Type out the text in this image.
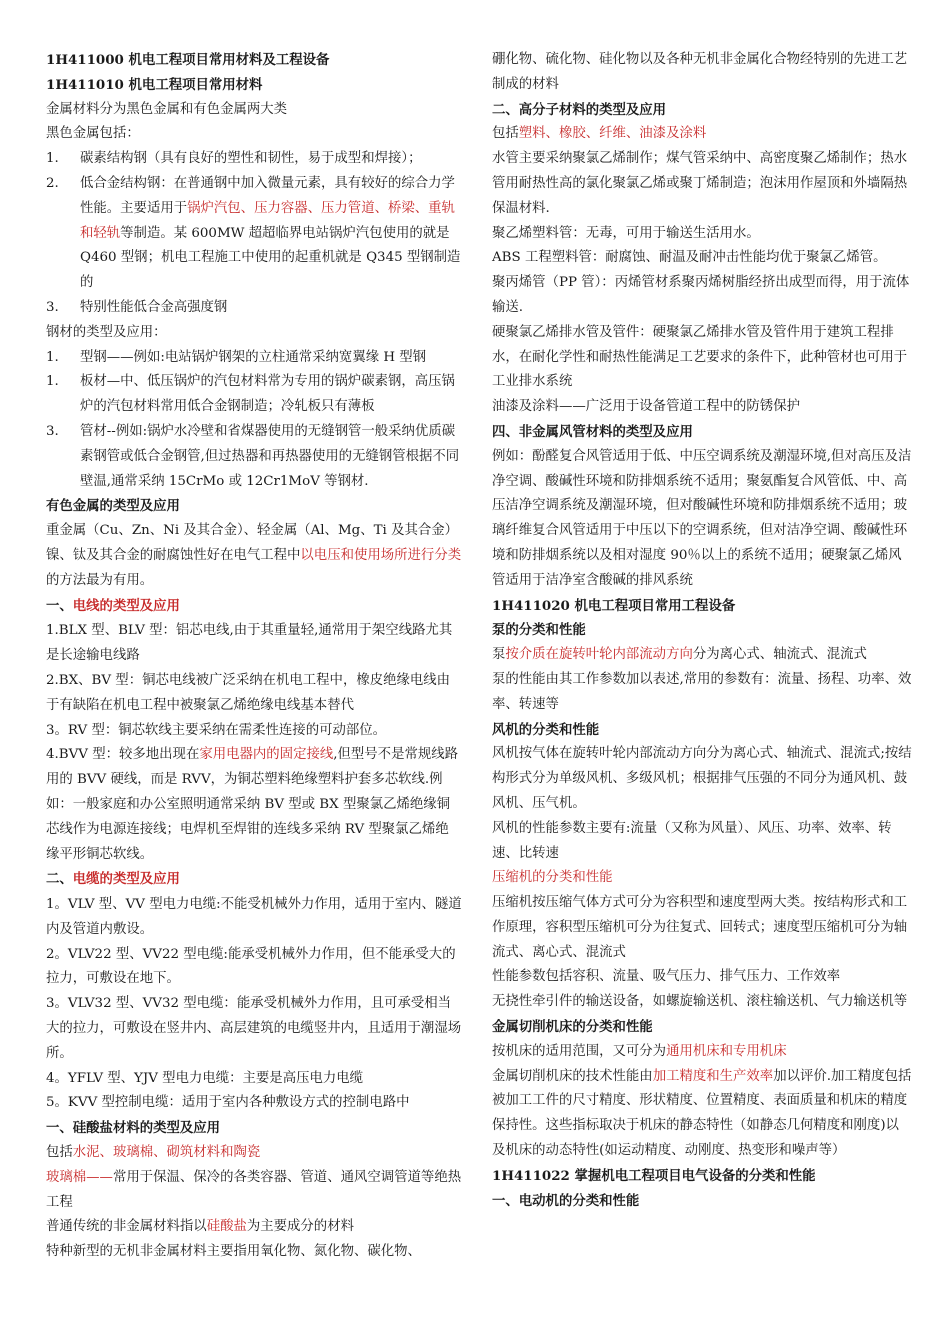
1H411000 机电工程项目常用材料及工程设备
1H411010 机电工程项目常用材料
金属材料分为黑色金属和有色金属两大类
黑色金属包括：
1.	碳素结构钢（具有良好的塑性和韧性，易于成型和焊接）；
2.	低合金结构钢：在普通钢中加入微量元素，具有较好的综合力学性能。主要适用于锅炉汽包、压力容器、压力管道、桥梁、重轨和轻轨等制造。某 600MW 超超临界电站锅炉汽包使用的就是 Q460 型钢；机电工程施工中使用的起重机就是 Q345 型钢制造的
3.	特别性能低合金高强度钢
钢材的类型及应用：
1.	型钢——例如:电站锅炉钢架的立柱通常采纳宽翼缘 H 型钢
1.	板材—中、低压锅炉的汽包材料常为专用的锅炉碳素钢，高压锅炉的汽包材料常用低合金钢制造；冷轧板只有薄板
3.	管材--例如:锅炉水冷壁和省煤器使用的无缝钢管一般采纳优质碳素钢管或低合金钢管,但过热器和再热器使用的无缝钢管根据不同壁温,通常采纳 15CrMo 或 12Cr1MoV 等钢材.
有色金属的类型及应用
重金属（Cu、Zn、Ni 及其合金）、轻金属（Al、Mg、Ti 及其合金）镍、钛及其合金的耐腐蚀性好在电气工程中以电压和使用场所进行分类的方法最为有用。
一、电线的类型及应用
1.BLX 型、BLV 型：铝芯电线,由于其重量轻,通常用于架空线路尤其是长途输电线路
2.BX、BV 型：铜芯电线被广泛采纳在机电工程中，橡皮绝缘电线由于有缺陷在机电工程中被聚氯乙烯绝缘电线基本替代
3。RV 型：铜芯软线主要采纳在需柔性连接的可动部位。
4.BVV 型：较多地出现在家用电器内的固定接线,但型号不是常规线路用的 BVV 硬线，而是 RVV，为铜芯塑料绝缘塑料护套多芯软线.例如：一般家庭和办公室照明通常采纳 BV 型或 BX 型聚氯乙烯绝缘铜芯线作为电源连接线；电焊机至焊钳的连线多采纳 RV 型聚氯乙烯绝缘平形铜芯软线。
二、电缆的类型及应用
1。VLV 型、VV 型电力电缆:不能受机械外力作用，适用于室内、隧道内及管道内敷设。
2。VLV22 型、VV22 型电缆:能承受机械外力作用，但不能承受大的拉力，可敷设在地下。
3。VLV32 型、VV32 型电缆：能承受机械外力作用，且可承受相当大的拉力，可敷设在竖井内、高层建筑的电缆竖井内，且适用于潮湿场所。
4。YFLV 型、YJV 型电力电缆：主要是高压电力电缆
5。KVV 型控制电缆：适用于室内各种敷设方式的控制电路中
一、硅酸盐材料的类型及应用
包括水泥、玻璃棉、砌筑材料和陶瓷
玻璃棉——常用于保温、保冷的各类容器、管道、通风空调管道等绝热工程
普通传统的非金属材料指以硅酸盐为主要成分的材料
特种新型的无机非金属材料主要指用氧化物、氮化物、碳化物、
硼化物、硫化物、硅化物以及各种无机非金属化合物经特别的先进工艺制成的材料
二、高分子材料的类型及应用
包括塑料、橡胶、纤维、油漆及涂料
水管主要采纳聚氯乙烯制作；煤气管采纳中、高密度聚乙烯制作；热水管用耐热性高的氯化聚氯乙烯或聚丁烯制造；泡沫用作屋顶和外墙隔热保温材料.
聚乙烯塑料管：无毒，可用于输送生活用水。
ABS 工程塑料管：耐腐蚀、耐温及耐冲击性能均优于聚氯乙烯管。
聚丙烯管（PP 管）：丙烯管材系聚丙烯树脂经挤出成型而得，用于流体输送.
硬聚氯乙烯排水管及管件：硬聚氯乙烯排水管及管件用于建筑工程排水，在耐化学性和耐热性能满足工艺要求的条件下，此种管材也可用于工业排水系统
油漆及涂料——广泛用于设备管道工程中的防锈保护
四、非金属风管材料的类型及应用
例如：酚醛复合风管适用于低、中压空调系统及潮湿环境,但对高压及洁净空调、酸碱性环境和防排烟系统不适用；聚氨酯复合风管低、中、高压洁净空调系统及潮湿环境，但对酸碱性环境和防排烟系统不适用；玻璃纤维复合风管适用于中压以下的空调系统，但对洁净空调、酸碱性环境和防排烟系统以及相对湿度 90％以上的系统不适用；硬聚氯乙烯风管适用于洁净室含酸碱的排风系统
1H411020 机电工程项目常用工程设备
泵的分类和性能
泵按介质在旋转叶轮内部流动方向分为离心式、轴流式、混流式
泵的性能由其工作参数加以表述,常用的参数有：流量、扬程、功率、效率、转速等
风机的分类和性能
风机按气体在旋转叶轮内部流动方向分为离心式、轴流式、混流式;按结构形式分为单级风机、多级风机；根据排气压强的不同分为通风机、鼓风机、压气机。
风机的性能参数主要有:流量（又称为风量）、风压、功率、效率、转速、比转速
压缩机的分类和性能
压缩机按压缩气体方式可分为容积型和速度型两大类。按结构形式和工作原理，容积型压缩机可分为往复式、回转式；速度型压缩机可分为轴流式、离心式、混流式
性能参数包括容积、流量、吸气压力、排气压力、工作效率
无挠性牵引件的输送设备，如螺旋输送机、滚柱输送机、气力输送机等
金属切削机床的分类和性能
按机床的适用范围，又可分为通用机床和专用机床
金属切削机床的技术性能由加工精度和生产效率加以评价.加工精度包括被加工工件的尺寸精度、形状精度、位置精度、表面质量和机床的精度保持性。这些指标取决于机床的静态特性（如静态几何精度和刚度)以及机床的动态特性(如运动精度、动刚度、热变形和噪声等）
1H411022 掌握机电工程项目电气设备的分类和性能
一、电动机的分类和性能
